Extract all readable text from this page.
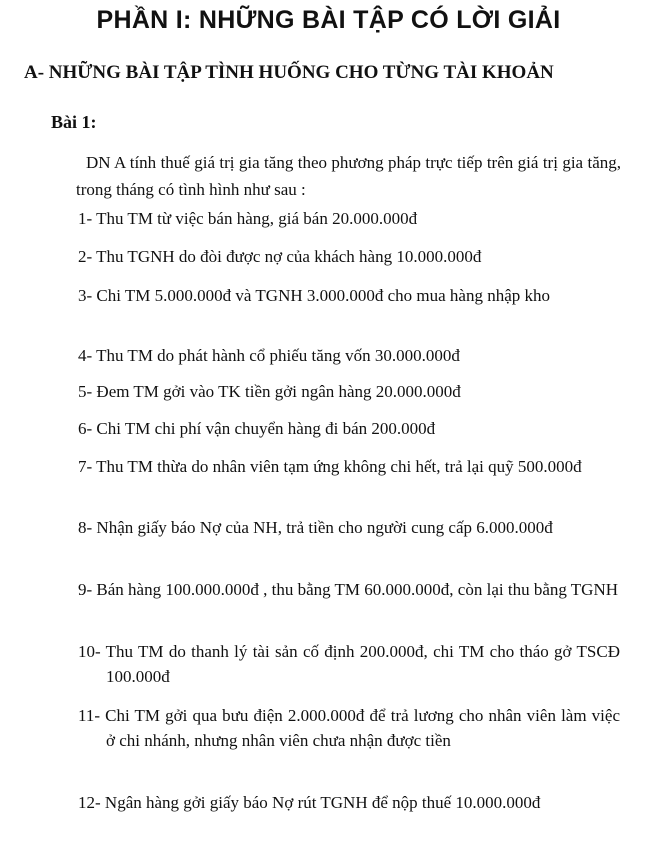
PHẦN I: NHỮNG BÀI TẬP CÓ LỜI GIẢI
A- NHỮNG BÀI TẬP TÌNH HUỐNG CHO TỪNG TÀI KHOẢN
Bài 1:
DN A tính thuế giá trị gia tăng theo phương pháp trực tiếp trên giá trị gia tăng, trong tháng có tình hình như sau :
1- Thu TM từ việc bán hàng, giá bán 20.000.000đ
2- Thu TGNH do đòi được nợ của khách hàng 10.000.000đ
3- Chi TM 5.000.000đ và TGNH 3.000.000đ cho mua hàng nhập kho
4- Thu TM do phát hành cổ phiếu tăng vốn 30.000.000đ
5- Đem TM gởi vào TK tiền gởi ngân hàng 20.000.000đ
6- Chi TM chi phí vận chuyển hàng đi bán 200.000đ
7- Thu TM thừa do nhân viên tạm ứng không chi hết, trả lại quỹ 500.000đ
8- Nhận giấy báo Nợ của NH, trả tiền cho người cung cấp 6.000.000đ
9- Bán hàng 100.000.000đ , thu bằng TM 60.000.000đ, còn lại thu bằng TGNH
10- Thu TM do thanh lý tài sản cố định 200.000đ, chi TM cho tháo gở TSCĐ 100.000đ
11- Chi TM gởi qua bưu điện 2.000.000đ để trả lương cho nhân viên làm việc ở chi nhánh, nhưng nhân viên chưa nhận được tiền
12- Ngân hàng gởi giấy báo Nợ rút TGNH để nộp thuế 10.000.000đ
